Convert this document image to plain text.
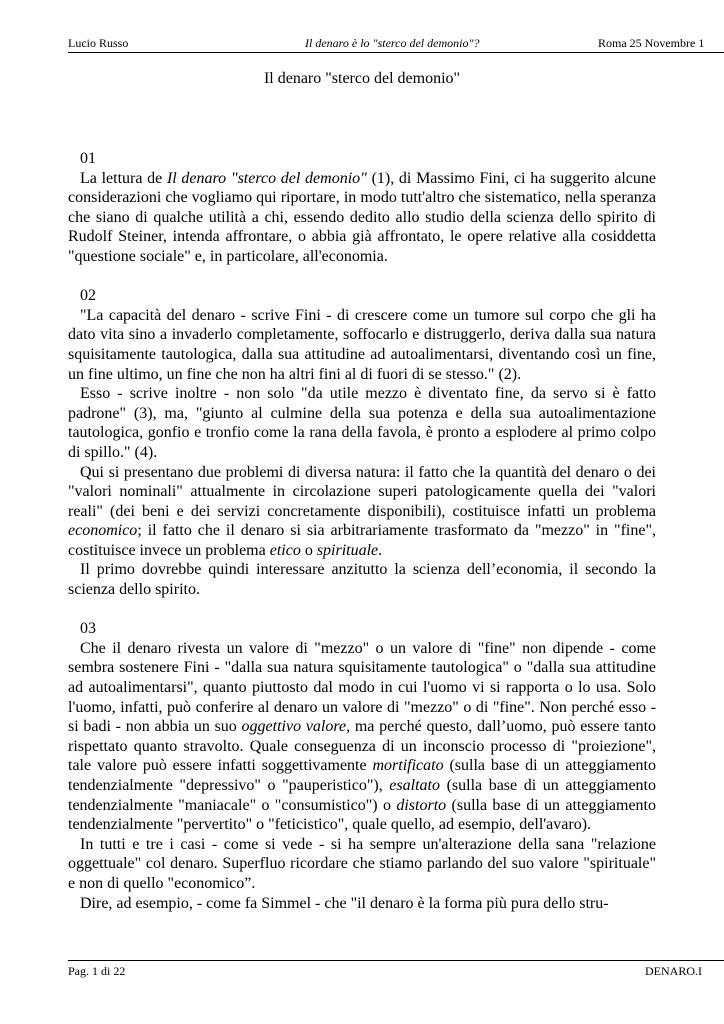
Lucio Russo	Il denaro è lo "sterco del demonio"?	Roma 25 Novembre 1
Il denaro "sterco del demonio"
01

La lettura de Il denaro "sterco del demonio" (1), di Massimo Fini, ci ha suggerito alcune considerazioni che vogliamo qui riportare, in modo tutt'altro che sistematico, nella speranza che siano di qualche utilità a chi, essendo dedito allo studio della scienza dello spirito di Rudolf Steiner, intenda affrontare, o abbia già affrontato, le opere relative alla cosiddetta "questione sociale" e, in particolare, all'economia.

02

"La capacità del denaro - scrive Fini - di crescere come un tumore sul corpo che gli ha dato vita sino a invaderlo completamente, soffocarlo e distruggerlo, deriva dalla sua natura squisitamente tautologica, dalla sua attitudine ad autoalimentarsi, diventando così un fine, un fine ultimo, un fine che non ha altri fini al di fuori di se stesso." (2).

Esso - scrive inoltre - non solo "da utile mezzo è diventato fine, da servo si è fatto padrone" (3), ma, "giunto al culmine della sua potenza e della sua autoalimentazione tautologica, gonfio e tronfio come la rana della favola, è pronto a esplodere al primo colpo di spillo." (4).

Qui si presentano due problemi di diversa natura: il fatto che la quantità del denaro o dei "valori nominali" attualmente in circolazione superi patologicamente quella dei "valori reali" (dei beni e dei servizi concretamente disponibili), costituisce infatti un problema economico; il fatto che il denaro si sia arbitrariamente trasformato da "mezzo" in "fine", costituisce invece un problema etico o spirituale.

Il primo dovrebbe quindi interessare anzitutto la scienza dell’economia, il secondo la scienza dello spirito.

03

Che il denaro rivesta un valore di "mezzo" o un valore di "fine" non dipende - come sembra sostenere Fini - "dalla sua natura squisitamente tautologica" o "dalla sua attitudine ad autoalimentarsi", quanto piuttosto dal modo in cui l'uomo vi si rapporta o lo usa. Solo l'uomo, infatti, può conferire al denaro un valore di "mezzo" o di "fine". Non perché esso - si badi - non abbia un suo oggettivo valore, ma perché questo, dall’uomo, può essere tanto rispettato quanto stravolto. Quale conseguenza di un inconscio processo di "proiezione", tale valore può essere infatti soggettivamente mortificato (sulla base di un atteggiamento tendenzialmente "depressivo" o "pauperistico"), esaltato (sulla base di un atteggiamento tendenzialmente "maniacale" o "consumistico") o distorto (sulla base di un atteggiamento tendenzialmente "pervertito" o "feticistico", quale quello, ad esempio, dell'avaro).

In tutti e tre i casi - come si vede - si ha sempre un'alterazione della sana "relazione oggettuale" col denaro. Superfluo ricordare che stiamo parlando del suo valore "spirituale" e non di quello "economico”.

Dire, ad esempio, - come fa Simmel - che "il denaro è la forma più pura dello stru-

Pag. 1 di 22	DENARO.I
